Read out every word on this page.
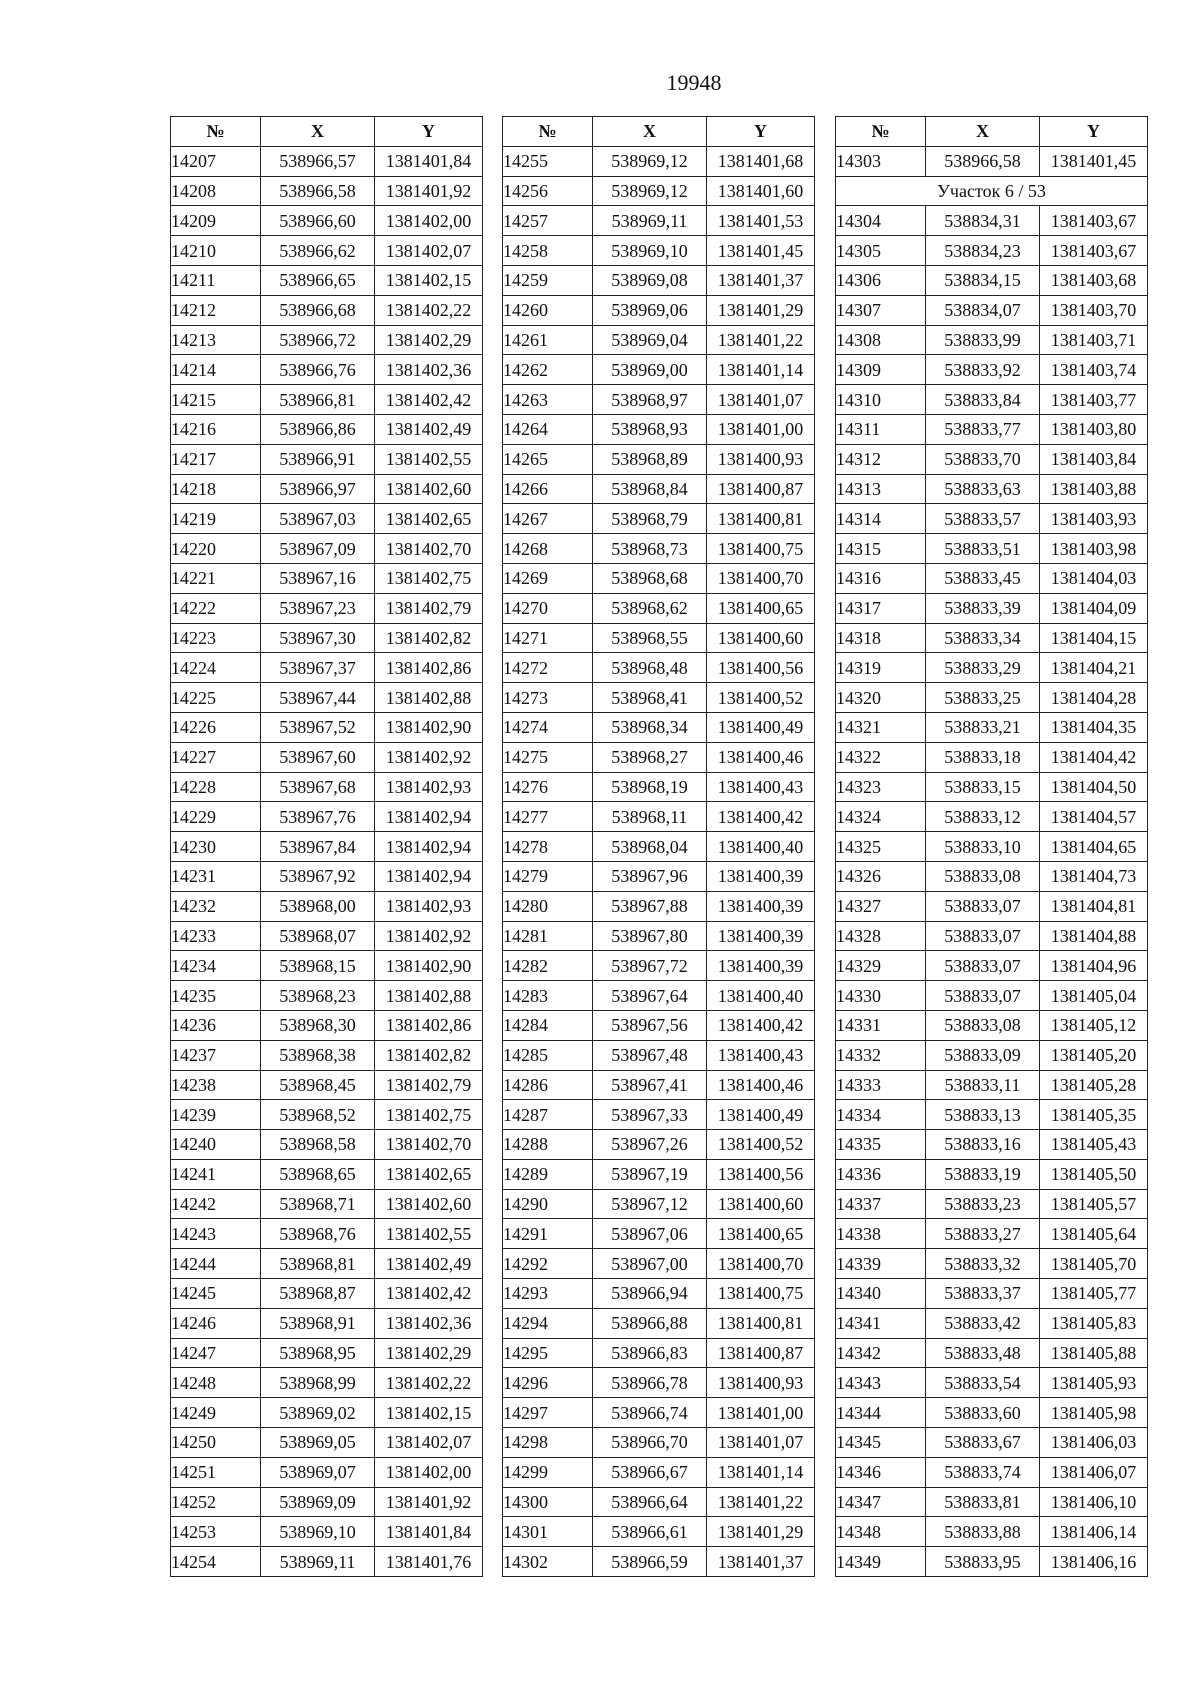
19948
№	X	Y
14207	538966,57	1381401,84
14208	538966,58	1381401,92
14209	538966,60	1381402,00
14210	538966,62	1381402,07
14211	538966,65	1381402,15
14212	538966,68	1381402,22
14213	538966,72	1381402,29
14214	538966,76	1381402,36
14215	538966,81	1381402,42
14216	538966,86	1381402,49
14217	538966,91	1381402,55
14218	538966,97	1381402,60
14219	538967,03	1381402,65
14220	538967,09	1381402,70
14221	538967,16	1381402,75
14222	538967,23	1381402,79
14223	538967,30	1381402,82
14224	538967,37	1381402,86
14225	538967,44	1381402,88
14226	538967,52	1381402,90
14227	538967,60	1381402,92
14228	538967,68	1381402,93
14229	538967,76	1381402,94
14230	538967,84	1381402,94
14231	538967,92	1381402,94
14232	538968,00	1381402,93
14233	538968,07	1381402,92
14234	538968,15	1381402,90
14235	538968,23	1381402,88
14236	538968,30	1381402,86
14237	538968,38	1381402,82
14238	538968,45	1381402,79
14239	538968,52	1381402,75
14240	538968,58	1381402,70
14241	538968,65	1381402,65
14242	538968,71	1381402,60
14243	538968,76	1381402,55
14244	538968,81	1381402,49
14245	538968,87	1381402,42
14246	538968,91	1381402,36
14247	538968,95	1381402,29
14248	538968,99	1381402,22
14249	538969,02	1381402,15
14250	538969,05	1381402,07
14251	538969,07	1381402,00
14252	538969,09	1381401,92
14253	538969,10	1381401,84
14254	538969,11	1381401,76
№	X	Y
14255	538969,12	1381401,68
14256	538969,12	1381401,60
14257	538969,11	1381401,53
14258	538969,10	1381401,45
14259	538969,08	1381401,37
14260	538969,06	1381401,29
14261	538969,04	1381401,22
14262	538969,00	1381401,14
14263	538968,97	1381401,07
14264	538968,93	1381401,00
14265	538968,89	1381400,93
14266	538968,84	1381400,87
14267	538968,79	1381400,81
14268	538968,73	1381400,75
14269	538968,68	1381400,70
14270	538968,62	1381400,65
14271	538968,55	1381400,60
14272	538968,48	1381400,56
14273	538968,41	1381400,52
14274	538968,34	1381400,49
14275	538968,27	1381400,46
14276	538968,19	1381400,43
14277	538968,11	1381400,42
14278	538968,04	1381400,40
14279	538967,96	1381400,39
14280	538967,88	1381400,39
14281	538967,80	1381400,39
14282	538967,72	1381400,39
14283	538967,64	1381400,40
14284	538967,56	1381400,42
14285	538967,48	1381400,43
14286	538967,41	1381400,46
14287	538967,33	1381400,49
14288	538967,26	1381400,52
14289	538967,19	1381400,56
14290	538967,12	1381400,60
14291	538967,06	1381400,65
14292	538967,00	1381400,70
14293	538966,94	1381400,75
14294	538966,88	1381400,81
14295	538966,83	1381400,87
14296	538966,78	1381400,93
14297	538966,74	1381401,00
14298	538966,70	1381401,07
14299	538966,67	1381401,14
14300	538966,64	1381401,22
14301	538966,61	1381401,29
14302	538966,59	1381401,37
№	X	Y
14303	538966,58	1381401,45
Участок 6 / 53		
14304	538834,31	1381403,67
14305	538834,23	1381403,67
14306	538834,15	1381403,68
14307	538834,07	1381403,70
14308	538833,99	1381403,71
14309	538833,92	1381403,74
14310	538833,84	1381403,77
14311	538833,77	1381403,80
14312	538833,70	1381403,84
14313	538833,63	1381403,88
14314	538833,57	1381403,93
14315	538833,51	1381403,98
14316	538833,45	1381404,03
14317	538833,39	1381404,09
14318	538833,34	1381404,15
14319	538833,29	1381404,21
14320	538833,25	1381404,28
14321	538833,21	1381404,35
14322	538833,18	1381404,42
14323	538833,15	1381404,50
14324	538833,12	1381404,57
14325	538833,10	1381404,65
14326	538833,08	1381404,73
14327	538833,07	1381404,81
14328	538833,07	1381404,88
14329	538833,07	1381404,96
14330	538833,07	1381405,04
14331	538833,08	1381405,12
14332	538833,09	1381405,20
14333	538833,11	1381405,28
14334	538833,13	1381405,35
14335	538833,16	1381405,43
14336	538833,19	1381405,50
14337	538833,23	1381405,57
14338	538833,27	1381405,64
14339	538833,32	1381405,70
14340	538833,37	1381405,77
14341	538833,42	1381405,83
14342	538833,48	1381405,88
14343	538833,54	1381405,93
14344	538833,60	1381405,98
14345	538833,67	1381406,03
14346	538833,74	1381406,07
14347	538833,81	1381406,10
14348	538833,88	1381406,14
14349	538833,95	1381406,16
